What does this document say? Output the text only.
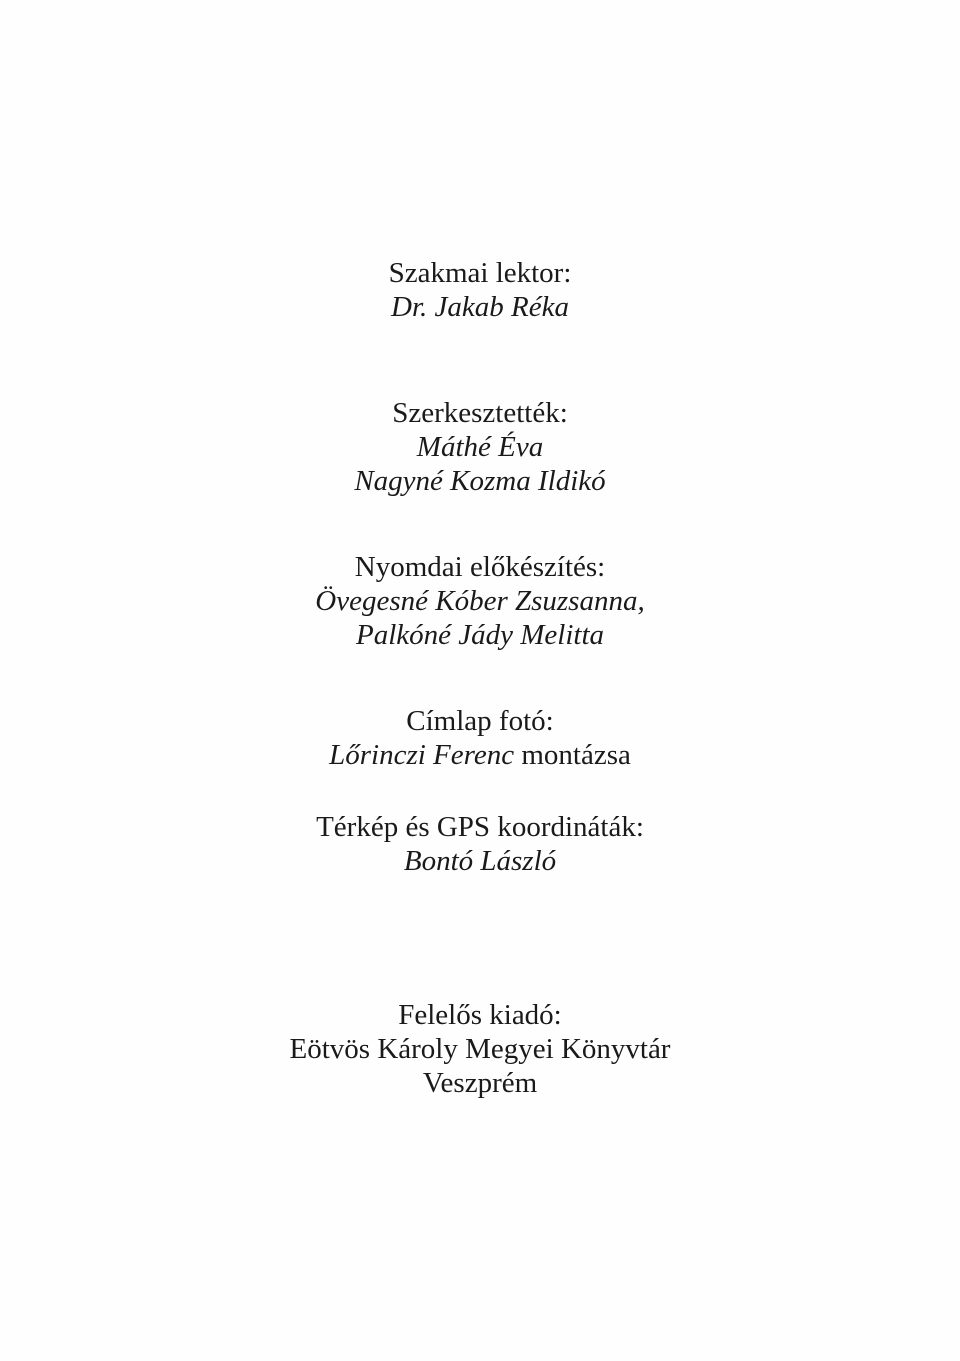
Szakmai lektor:
Dr. Jakab Réka
Szerkesztették:
Máthé Éva
Nagyné Kozma Ildikó
Nyomdai előkészítés:
Övegesné Kóber Zsuzsanna,
Palkóné Jády Melitta
Címlap fotó:
Lőrinczi Ferenc montázsa
Térkép és GPS koordináták:
Bontó László
Felelős kiadó:
Eötvös Károly Megyei Könyvtár
Veszprém
